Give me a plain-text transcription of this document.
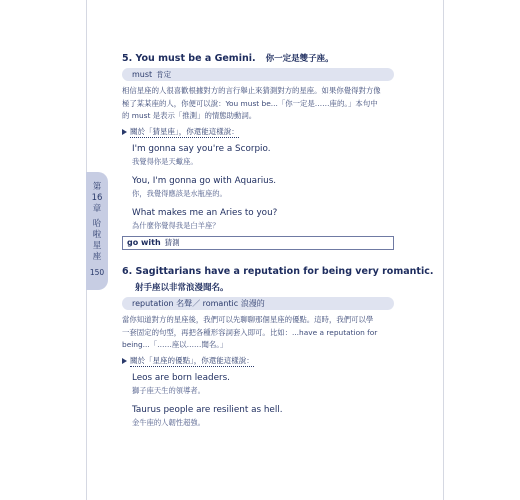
第
16
章
哈
啦
星
座
150
5. You must be a Gemini. 你一定是雙子座。
must 肯定
相信星座的人很喜歡根據對方的言行舉止來猜測對方的星座。如果你覺得對方像
極了某某座的人，你便可以說：You must be...「你一定是……座的。」本句中
的 must 是表示「推測」的情態助動詞。
關於「猜星座」，你還能這樣說：
I'm gonna say you're a Scorpio.
我覺得你是天蠍座。
You, I'm gonna go with Aquarius.
你，我覺得應該是水瓶座的。
What makes me an Aries to you?
為什麼你覺得我是白羊座？
go with 猜測
6. Sagittarians have a reputation for being very romantic.
射手座以非常浪漫聞名。
reputation 名聲／ romantic 浪漫的
當你知道對方的星座後，我們可以先聊聊那個星座的優點。這時，我們可以學
一套固定的句型，再把各種形容詞套入即可。比如：...have a reputation for
being...「……座以……聞名。」
關於「星座的優點」，你還能這樣說：
Leos are born leaders.
獅子座天生的領導者。
Taurus people are resilient as hell.
金牛座的人韌性超強。
